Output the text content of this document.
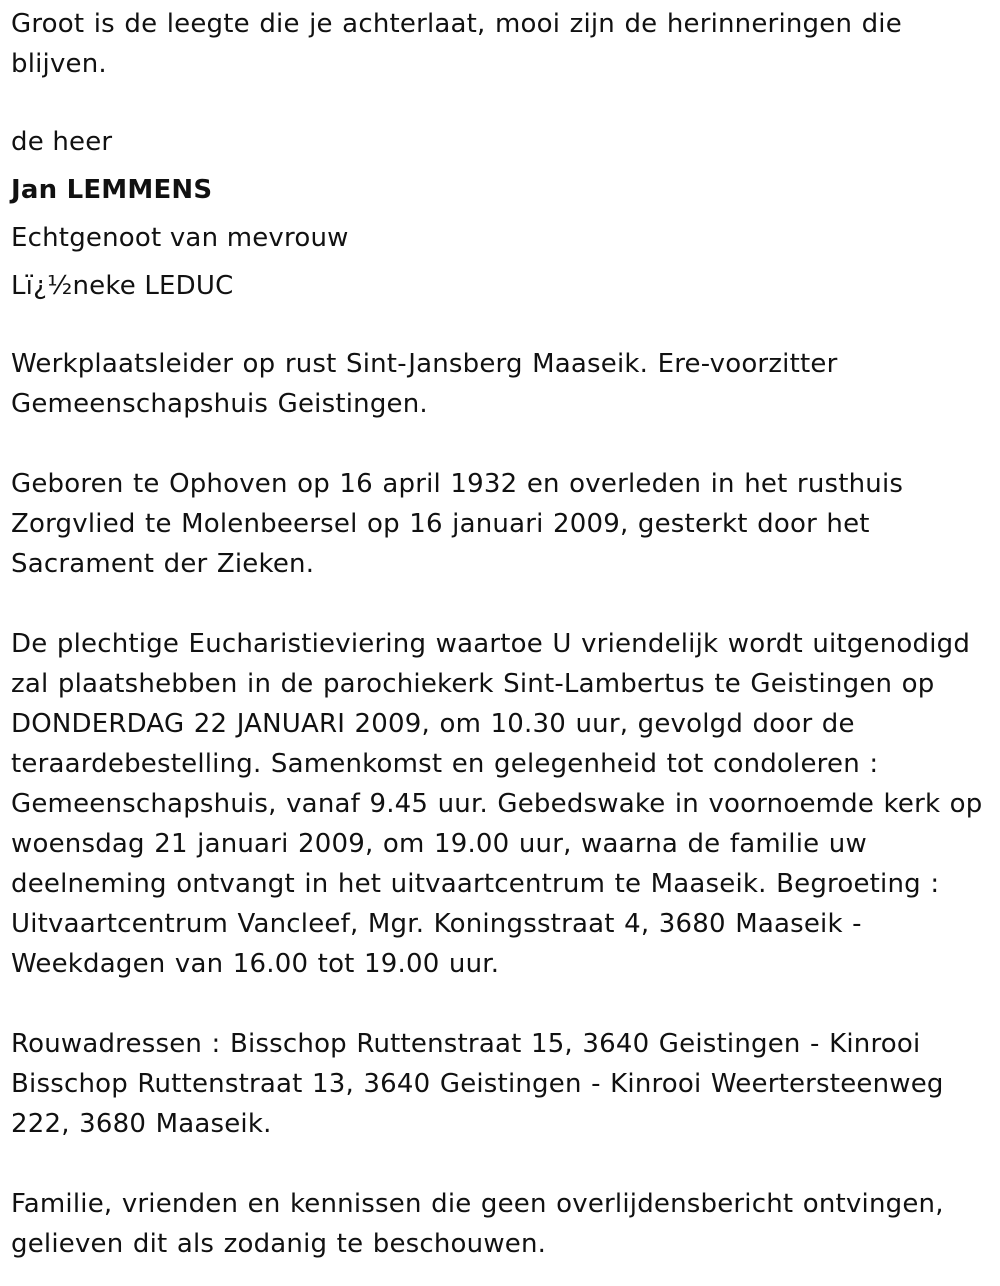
Groot is de leegte die je achterlaat, mooi zijn de herinneringen die blijven.

de heer

Jan LEMMENS

Echtgenoot van mevrouw

Lï¿½neke LEDUC

Werkplaatsleider op rust Sint-Jansberg Maaseik. Ere-voorzitter Gemeenschapshuis Geistingen.

Geboren te Ophoven op 16 april 1932 en overleden in het rusthuis Zorgvlied te Molenbeersel op 16 januari 2009, gesterkt door het Sacrament der Zieken.

De plechtige Eucharistieviering waartoe U vriendelijk wordt uitgenodigd zal plaatshebben in de parochiekerk Sint-Lambertus te Geistingen op DONDERDAG 22 JANUARI 2009, om 10.30 uur, gevolgd door de teraardebestelling. Samenkomst en gelegenheid tot condoleren : Gemeenschapshuis, vanaf 9.45 uur. Gebedswake in voornoemde kerk op woensdag 21 januari 2009, om 19.00 uur, waarna de familie uw deelneming ontvangt in het uitvaartcentrum te Maaseik. Begroeting : Uitvaartcentrum Vancleef, Mgr. Koningsstraat 4, 3680 Maaseik - Weekdagen van 16.00 tot 19.00 uur.

Rouwadressen : Bisschop Ruttenstraat 15, 3640 Geistingen - Kinrooi Bisschop Ruttenstraat 13, 3640 Geistingen - Kinrooi Weertersteenweg 222, 3680 Maaseik.

Familie, vrienden en kennissen die geen overlijdensbericht ontvingen, gelieven dit als zodanig te beschouwen.
